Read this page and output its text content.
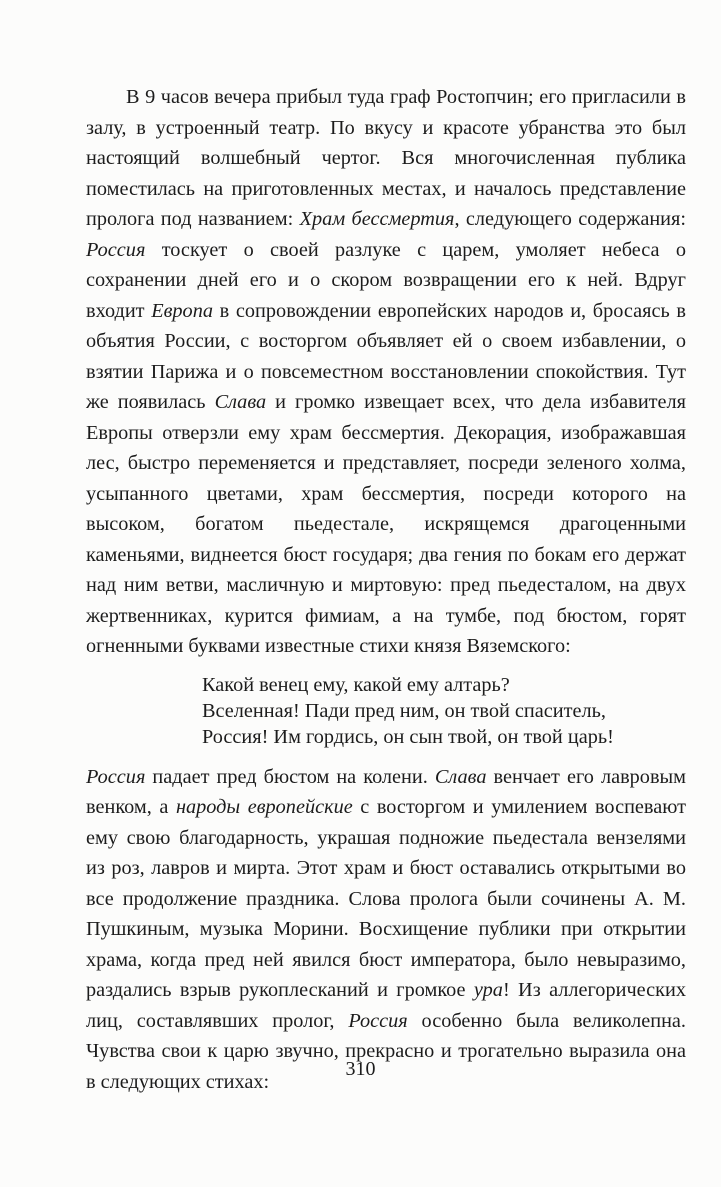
В 9 часов вечера прибыл туда граф Ростопчин; его пригласили в залу, в устроенный театр. По вкусу и красоте убранства это был настоящий волшебный чертог. Вся многочисленная публика поместилась на приготовленных местах, и началось представление пролога под названием: Храм бессмертия, следующего содержания: Россия тоскует о своей разлуке с царем, умоляет небеса о сохранении дней его и о скором возвращении его к ней. Вдруг входит Европа в сопровождении европейских народов и, бросаясь в объятия России, с восторгом объявляет ей о своем избавлении, о взятии Парижа и о повсеместном восстановлении спокойствия. Тут же появилась Слава и громко извещает всех, что дела избавителя Европы отверзли ему храм бессмертия. Декорация, изображавшая лес, быстро переменяется и представляет, посреди зеленого холма, усыпанного цветами, храм бессмертия, посреди которого на высоком, богатом пьедестале, искрящемся драгоценными каменьями, виднеется бюст государя; два гения по бокам его держат над ним ветви, масличную и миртовую: пред пьедесталом, на двух жертвенниках, курится фимиам, а на тумбе, под бюстом, горят огненными буквами известные стихи князя Вяземского:

Какой венец ему, какой ему алтарь?
Вселенная! Пади пред ним, он твой спаситель,
Россия! Им гордись, он сын твой, он твой царь!

Россия падает пред бюстом на колени. Слава венчает его лавровым венком, а народы европейские с восторгом и умилением воспевают ему свою благодарность, украшая подножие пьедестала вензелями из роз, лавров и мирта. Этот храм и бюст оставались открытыми во все продолжение праздника. Слова пролога были сочинены А. М. Пушкиным, музыка Морини. Восхищение публики при открытии храма, когда пред ней явился бюст императора, было невыразимо, раздались взрыв рукоплесканий и громкое ура! Из аллегорических лиц, составлявших пролог, Россия особенно была великолепна. Чувства свои к царю звучно, прекрасно и трогательно выразила она в следующих стихах:

310
